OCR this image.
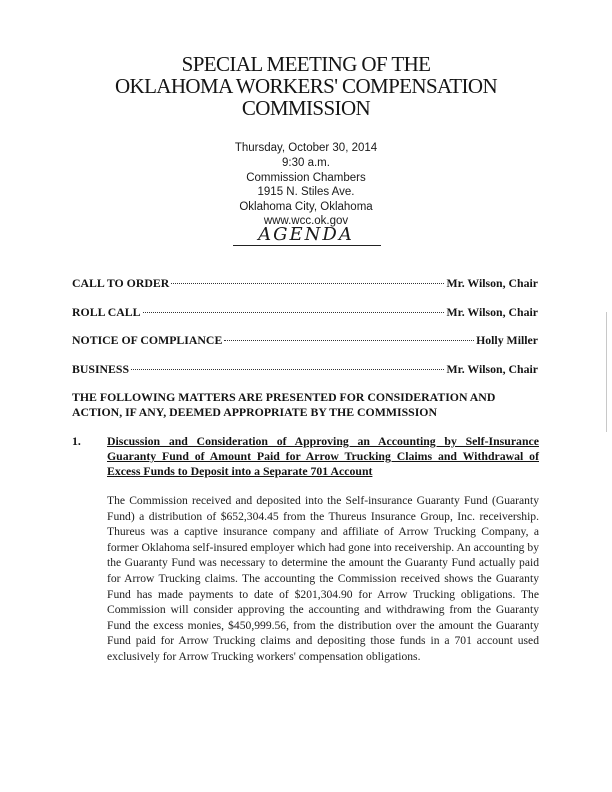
SPECIAL MEETING OF THE
OKLAHOMA WORKERS' COMPENSATION
COMMISSION
Thursday, October 30, 2014
9:30 a.m.
Commission Chambers
1915 N. Stiles Ave.
Oklahoma City, Oklahoma
www.wcc.ok.gov
AGENDA
CALL TO ORDER	Mr. Wilson, Chair
ROLL CALL	Mr. Wilson, Chair
NOTICE OF COMPLIANCE	Holly Miller
BUSINESS	Mr. Wilson, Chair
THE FOLLOWING MATTERS ARE PRESENTED FOR CONSIDERATION AND ACTION, IF ANY, DEEMED APPROPRIATE BY THE COMMISSION
1. Discussion and Consideration of Approving an Accounting by Self-Insurance Guaranty Fund of Amount Paid for Arrow Trucking Claims and Withdrawal of Excess Funds to Deposit into a Separate 701 Account
The Commission received and deposited into the Self-insurance Guaranty Fund (Guaranty Fund) a distribution of $652,304.45 from the Thureus Insurance Group, Inc. receivership. Thureus was a captive insurance company and affiliate of Arrow Trucking Company, a former Oklahoma self-insured employer which had gone into receivership. An accounting by the Guaranty Fund was necessary to determine the amount the Guaranty Fund actually paid for Arrow Trucking claims. The accounting the Commission received shows the Guaranty Fund has made payments to date of $201,304.90 for Arrow Trucking obligations. The Commission will consider approving the accounting and withdrawing from the Guaranty Fund the excess monies, $450,999.56, from the distribution over the amount the Guaranty Fund paid for Arrow Trucking claims and depositing those funds in a 701 account used exclusively for Arrow Trucking workers' compensation obligations.
